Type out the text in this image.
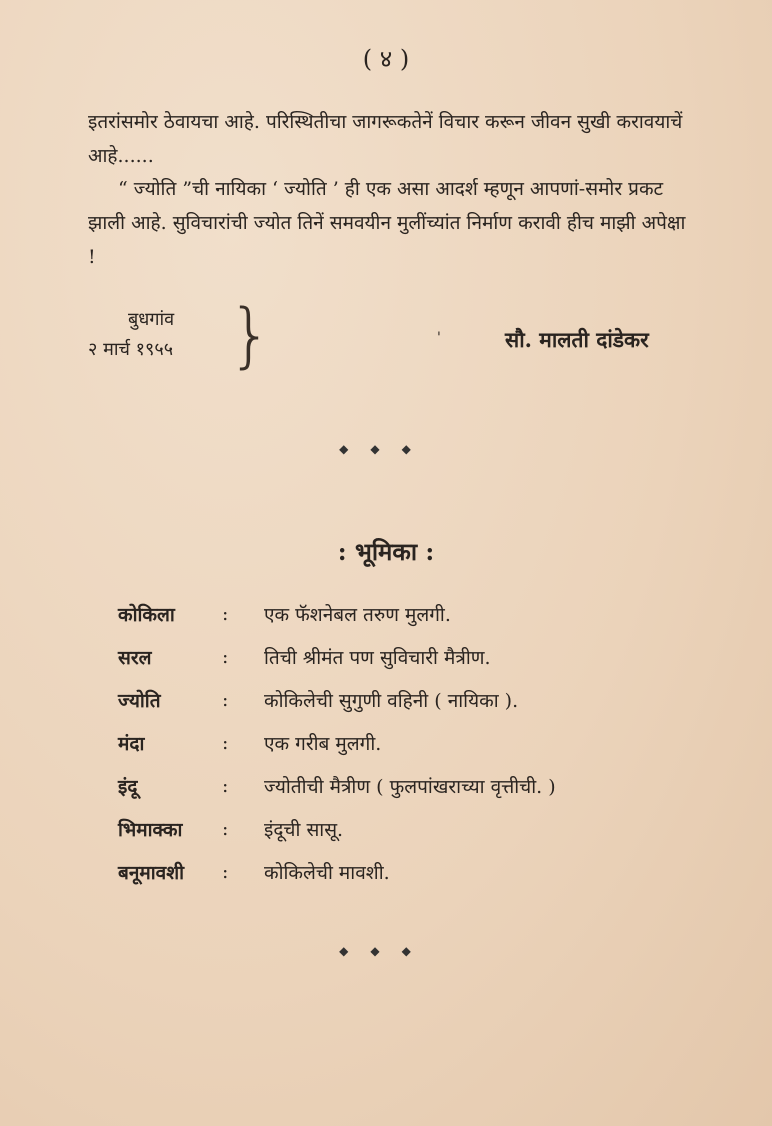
( ४ )

इतरांसमोर ठेवायचा आहे. परिस्थितीचा जागरूकतेनें विचार करून जीवन सुखी करावयाचें आहे......

“ ज्योति ”ची नायिका ‘ ज्योति ’ ही एक असा आदर्श म्हणून आपणां-समोर प्रकट झाली आहे. सुविचारांची ज्योत तिनें समवयीन मुलींच्यांत निर्माण करावी हीच माझी अपेक्षा !

बुधगांव
२ मार्च १९५५ }	'	सौ. मालती दांडेकर
◆◆◆
: भूमिका :
कोकिला	:	एक फॅशनेबल तरुण मुलगी.
सरल	:	तिची श्रीमंत पण सुविचारी मैत्रीण.
ज्योति	:	कोकिलेची सुगुणी वहिनी ( नायिका ).
मंदा	:	एक गरीब मुलगी.
इंदू	:	ज्योतीची मैत्रीण ( फुलपांखराच्या वृत्तीची. )
भिमाक्का	:	इंदूची सासू.
बनूमावशी	:	कोकिलेची मावशी.
◆◆◆
